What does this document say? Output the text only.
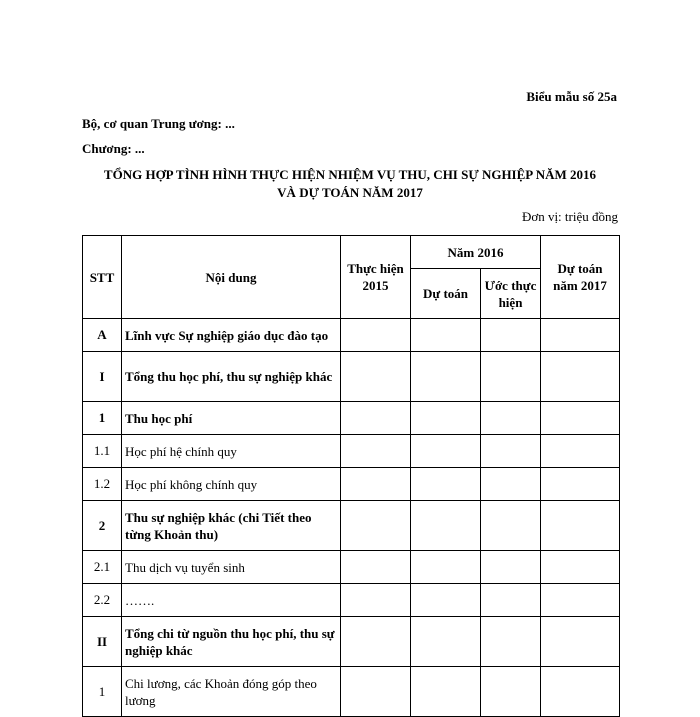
Biểu mẫu số 25a
Bộ, cơ quan Trung ương: ...
Chương: ...
TỔNG HỢP TÌNH HÌNH THỰC HIỆN NHIỆM VỤ THU, CHI SỰ NGHIỆP NĂM 2016
VÀ DỰ TOÁN NĂM 2017
Đơn vị: triệu đồng
STT	Nội dung	Thực hiện 2015	Năm 2016		Dự toán năm 2017
			Dự toán	Ước thực hiện	
A	Lĩnh vực Sự nghiệp giáo dục đào tạo				
I	Tổng thu học phí, thu sự nghiệp khác				
1	Thu học phí				
1.1	Học phí hệ chính quy				
1.2	Học phí không chính quy				
2	Thu sự nghiệp khác (chi Tiết theo từng Khoản thu)				
2.1	Thu dịch vụ tuyển sinh				
2.2	…….				
II	Tổng chi từ nguồn thu học phí, thu sự nghiệp khác				
1	Chi lương, các Khoản đóng góp theo lương				
